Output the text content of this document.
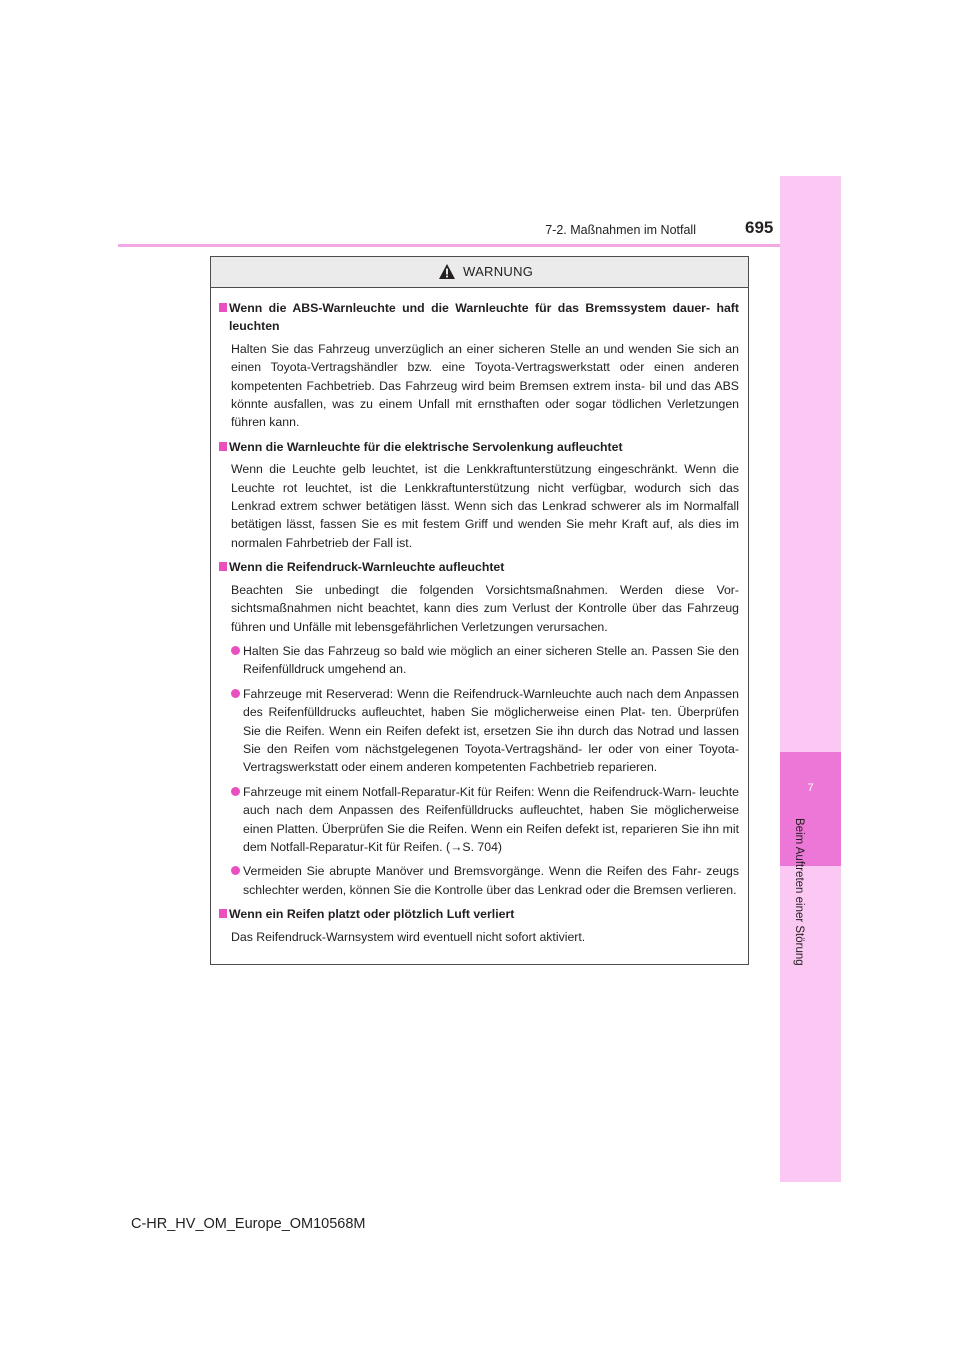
7
Beim Auftreten einer Störung
7-2. Maßnahmen im Notfall	695
WARNUNG
Wenn die ABS-Warnleuchte und die Warnleuchte für das Bremssystem dauer- haft leuchten
Halten Sie das Fahrzeug unverzüglich an einer sicheren Stelle an und wenden Sie sich an einen Toyota-Vertragshändler bzw. eine Toyota-Vertragswerkstatt oder einen anderen kompetenten Fachbetrieb. Das Fahrzeug wird beim Bremsen extrem insta- bil und das ABS könnte ausfallen, was zu einem Unfall mit ernsthaften oder sogar tödlichen Verletzungen führen kann.
Wenn die Warnleuchte für die elektrische Servolenkung aufleuchtet
Wenn die Leuchte gelb leuchtet, ist die Lenkkraftunterstützung eingeschränkt. Wenn die Leuchte rot leuchtet, ist die Lenkkraftunterstützung nicht verfügbar, wodurch sich das Lenkrad extrem schwer betätigen lässt. Wenn sich das Lenkrad schwerer als im Normalfall betätigen lässt, fassen Sie es mit festem Griff und wenden Sie mehr Kraft auf, als dies im normalen Fahrbetrieb der Fall ist.
Wenn die Reifendruck-Warnleuchte aufleuchtet
Beachten Sie unbedingt die folgenden Vorsichtsmaßnahmen. Werden diese Vor- sichtsmaßnahmen nicht beachtet, kann dies zum Verlust der Kontrolle über das Fahrzeug führen und Unfälle mit lebensgefährlichen Verletzungen verursachen.
Halten Sie das Fahrzeug so bald wie möglich an einer sicheren Stelle an. Passen Sie den Reifenfülldruck umgehend an.
Fahrzeuge mit Reserverad: Wenn die Reifendruck-Warnleuchte auch nach dem Anpassen des Reifenfülldrucks aufleuchtet, haben Sie möglicherweise einen Plat- ten. Überprüfen Sie die Reifen. Wenn ein Reifen defekt ist, ersetzen Sie ihn durch das Notrad und lassen Sie den Reifen vom nächstgelegenen Toyota-Vertragshänd- ler oder von einer Toyota-Vertragswerkstatt oder einem anderen kompetenten Fachbetrieb reparieren.
Fahrzeuge mit einem Notfall-Reparatur-Kit für Reifen: Wenn die Reifendruck-Warn- leuchte auch nach dem Anpassen des Reifenfülldrucks aufleuchtet, haben Sie möglicherweise einen Platten. Überprüfen Sie die Reifen. Wenn ein Reifen defekt ist, reparieren Sie ihn mit dem Notfall-Reparatur-Kit für Reifen. (→S. 704)
Vermeiden Sie abrupte Manöver und Bremsvorgänge. Wenn die Reifen des Fahr- zeugs schlechter werden, können Sie die Kontrolle über das Lenkrad oder die Bremsen verlieren.
Wenn ein Reifen platzt oder plötzlich Luft verliert
Das Reifendruck-Warnsystem wird eventuell nicht sofort aktiviert.
C-HR_HV_OM_Europe_OM10568M
